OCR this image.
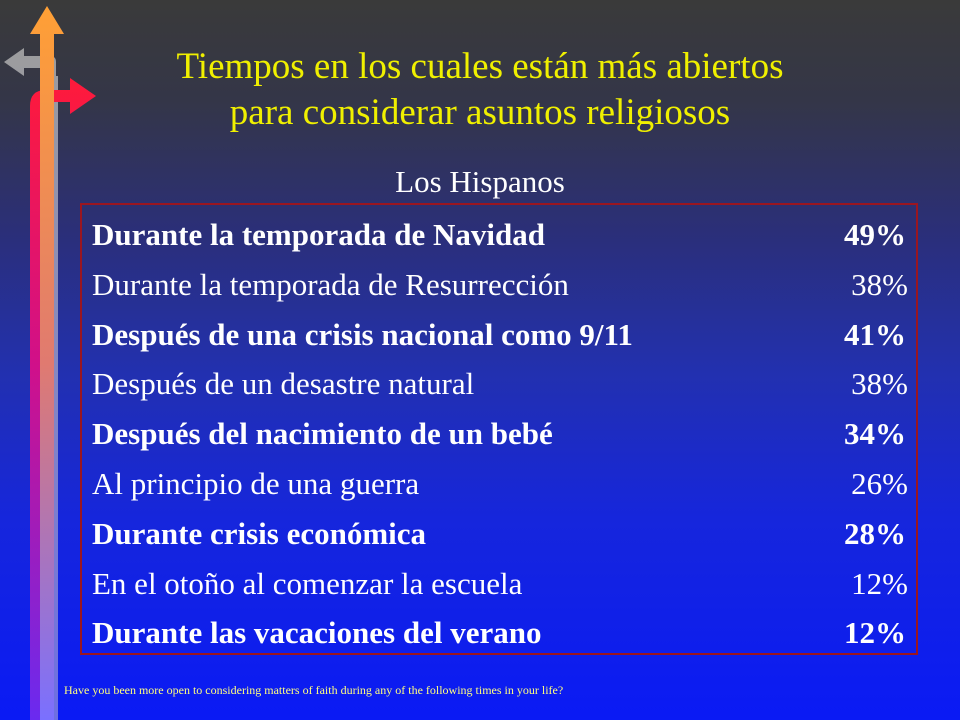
Tiempos en los cuales están más abiertos
para considerar asuntos religiosos
Los Hispanos
Durante la temporada de Navidad	49%
Durante la temporada de Resurrección	38%
Después de una crisis nacional como 9/11	41%
Después de un desastre natural	38%
Después del nacimiento de un bebé	34%
Al principio de una guerra	26%
Durante crisis económica	28%
En el otoño al comenzar la escuela	12%
Durante las vacaciones del verano	12%
Have you been more open to considering matters of faith during any of the following times in your life?
